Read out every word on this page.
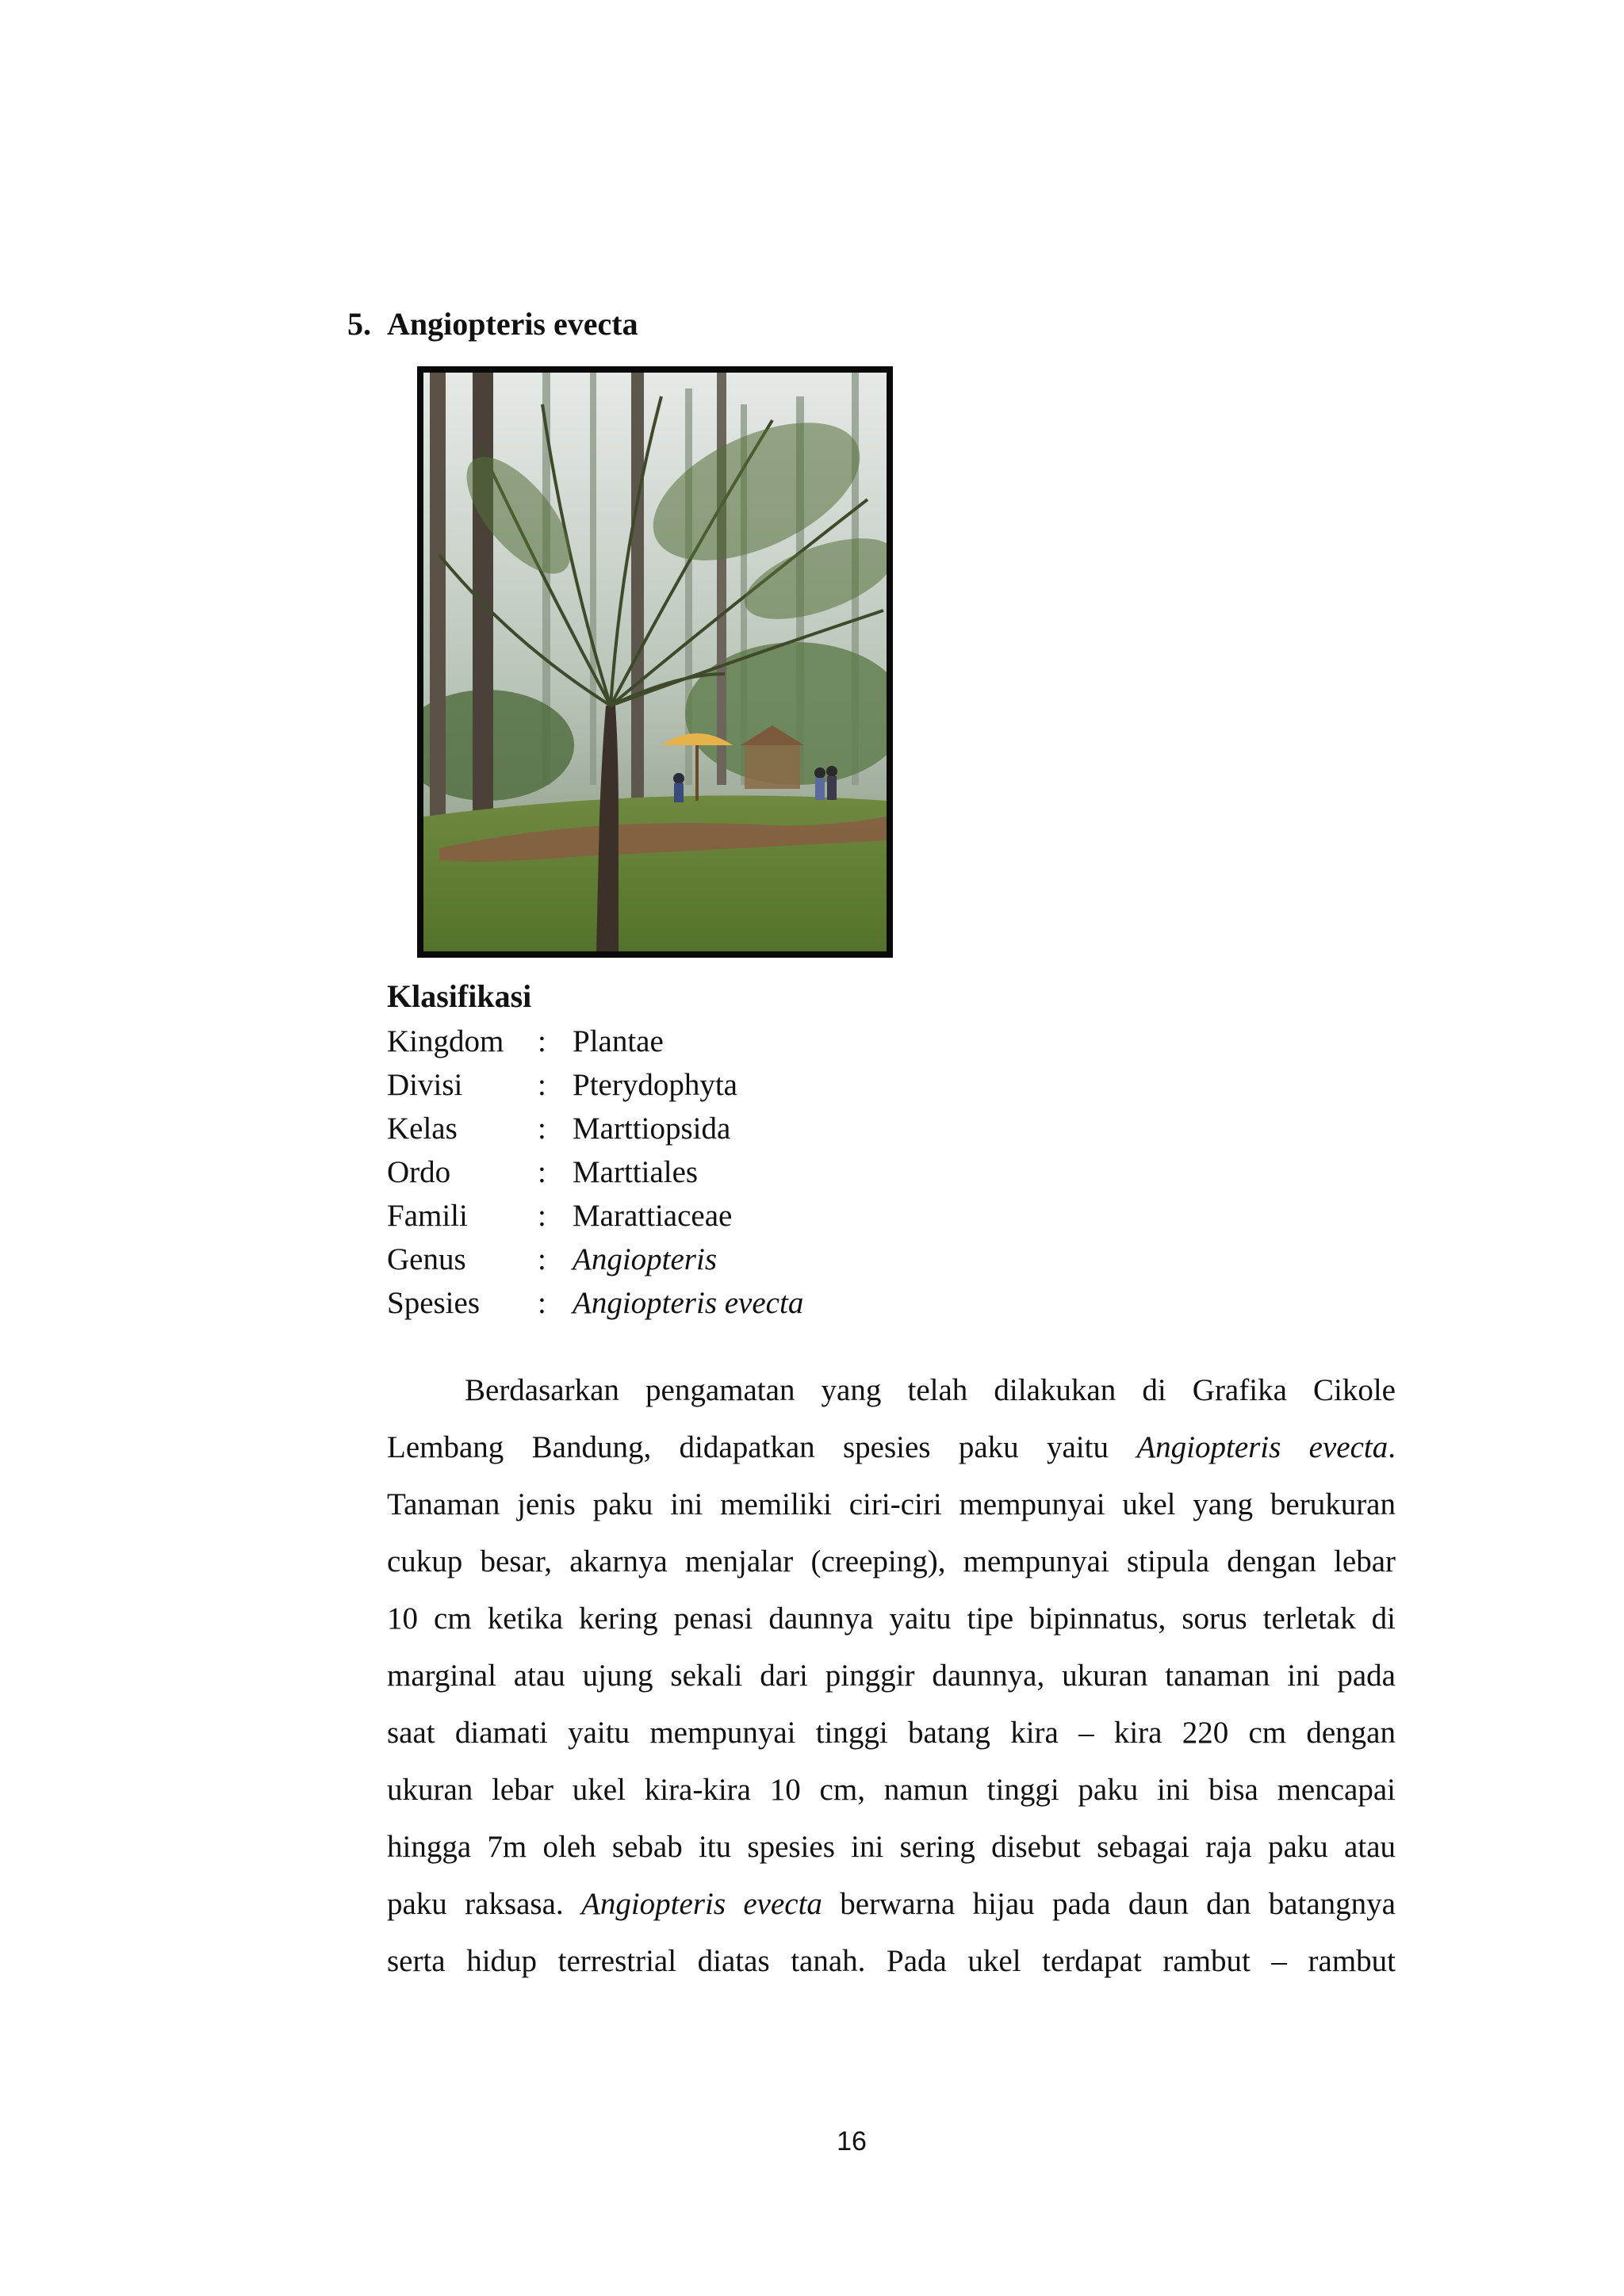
5. Angiopteris evecta
Klasifikasi
Kingdom	: Plantae
Divisi	: Pterydophyta
Kelas	: Marttiopsida
Ordo	: Marttiales
Famili	: Marattiaceae
Genus	: Angiopteris
Spesies	: Angiopteris evecta
Berdasarkan pengamatan yang telah dilakukan di Grafika Cikole
Lembang Bandung, didapatkan spesies paku yaitu Angiopteris evecta.
Tanaman jenis paku ini memiliki ciri-ciri mempunyai ukel yang berukuran
cukup besar, akarnya menjalar (creeping), mempunyai stipula dengan lebar
10 cm ketika kering penasi daunnya yaitu tipe bipinnatus, sorus terletak di
marginal atau ujung sekali dari pinggir daunnya, ukuran tanaman ini pada
saat diamati yaitu mempunyai tinggi batang kira – kira 220 cm dengan
ukuran lebar ukel kira-kira 10 cm, namun tinggi paku ini bisa mencapai
hingga 7m oleh sebab itu spesies ini sering disebut sebagai raja paku atau
paku raksasa. Angiopteris evecta berwarna hijau pada daun dan batangnya
serta hidup terrestrial diatas tanah. Pada ukel terdapat rambut – rambut
16
